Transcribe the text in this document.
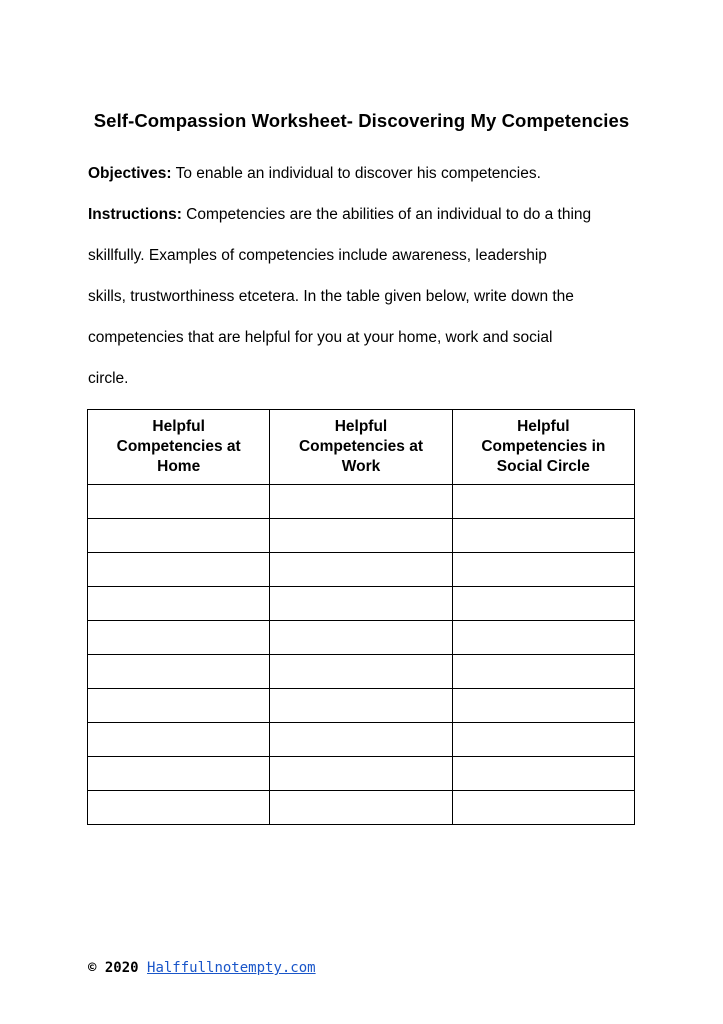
Self-Compassion Worksheet- Discovering My Competencies

Objectives: To enable an individual to discover his competencies.

Instructions: Competencies are the abilities of an individual to do a thing
skillfully. Examples of competencies include awareness, leadership
skills, trustworthiness etcetera. In the table given below, write down the
competencies that are helpful for you at your home, work and social
circle.

Helpful Competencies at Home	Helpful Competencies at Work	Helpful Competencies in Social Circle

© 2020 Halffullnotempty.com
